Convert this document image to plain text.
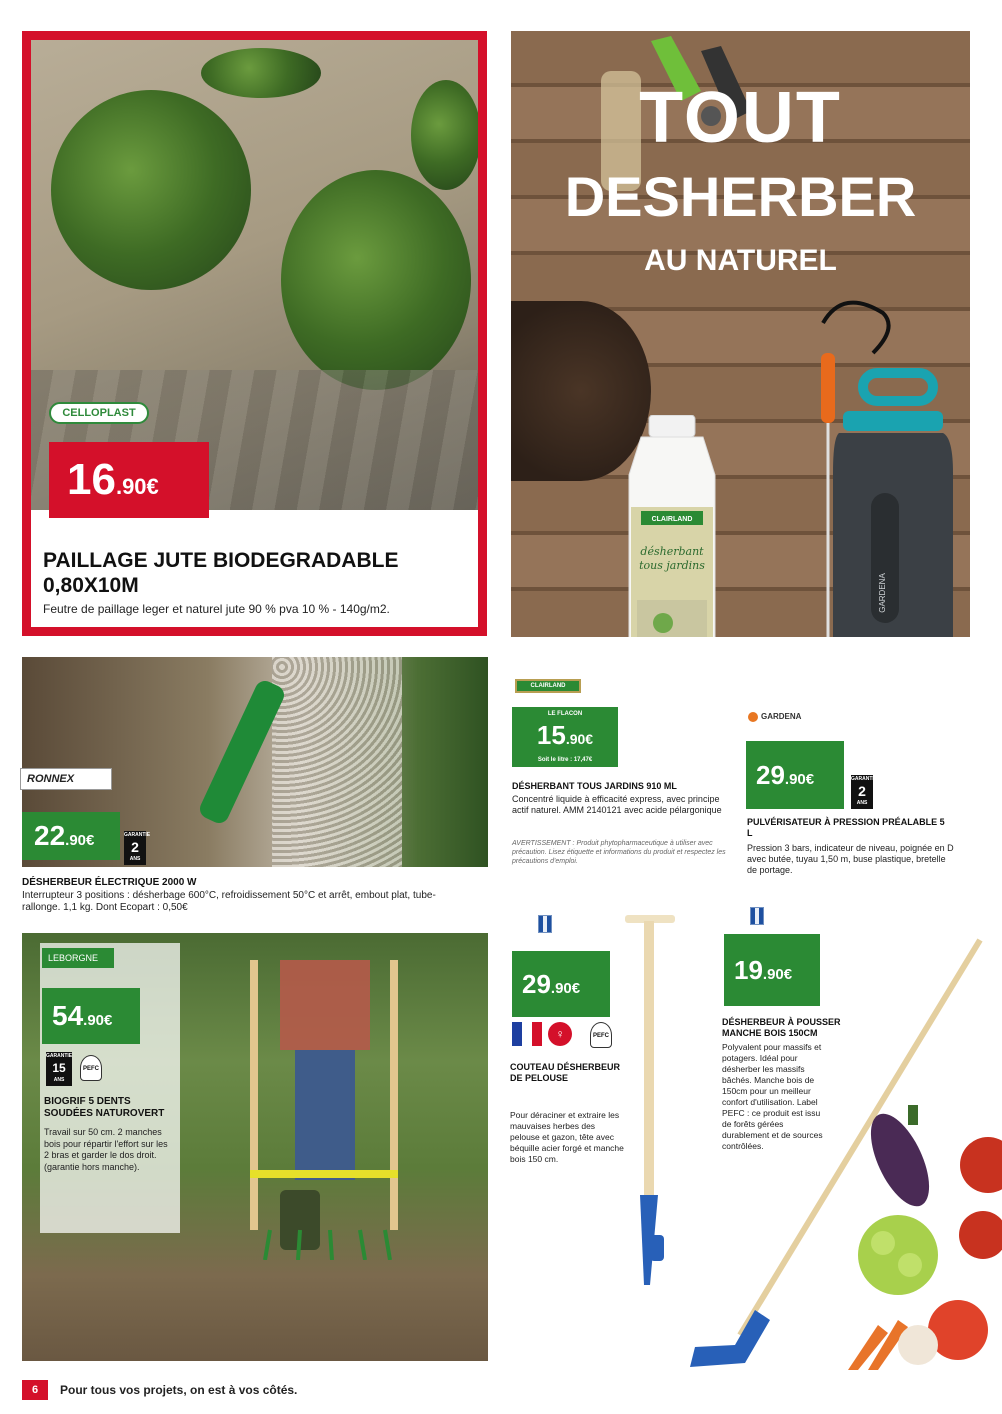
CELLOPLAST
16.90€
PAILLAGE JUTE BIODEGRADABLE
0,80X10M
Feutre de paillage leger et naturel jute 90 % pva 10 % - 140g/m2.
TOUT
DESHERBER
AU NATUREL
CLAIRLAND
désherbant
tous jardins
GARDENA
RONNEX
22.90€	GARANTIE
2
ANS
DÉSHERBEUR ÉLECTRIQUE 2000 W
Interrupteur 3 positions : désherbage 600°C, refroidissement 50°C et arrêt, embout plat, tube-rallonge. 1,1 kg. Dont Ecopart : 0,50€
LEBORGNE
54.90€
GARANTIE
15
ANS
PEFC
BIOGRIF 5 DENTS SOUDÉES NATUROVERT
Travail sur 50 cm. 2 manches bois pour répartir l'effort sur les 2 bras et garder le dos droit. (garantie hors manche).
CLAIRLAND
LE FLACON
15.90€
Soit le litre : 17,47€
DÉSHERBANT TOUS JARDINS 910 ML
Concentré liquide à efficacité express, avec principe actif naturel. AMM 2140121 avec acide pélargonique
AVERTISSEMENT : Produit phytopharmaceutique à utiliser avec précaution. Lisez étiquette et informations du produit et respectez les précautions d'emploi.
GARDENA
29.90€	GARANTIE
2
ANS
PULVÉRISATEUR À PRESSION PRÉALABLE 5 L
Pression 3 bars, indicateur de niveau, poignée en D avec butée, tuyau 1,50 m, buse plastique, bretelle de portage.
29.90€
♀	PEFC
COUTEAU DÉSHERBEUR DE PELOUSE
Pour déraciner et extraire les mauvaises herbes des pelouse et gazon, tête avec béquille acier forgé et manche bois 150 cm.
19.90€
DÉSHERBEUR À POUSSER MANCHE BOIS 150CM
Polyvalent pour massifs et potagers. Idéal pour désherber les massifs bâchés. Manche bois de 150cm pour un meilleur confort d'utilisation. Label PEFC : ce produit est issu de forêts gérées durablement et de sources contrôlées.
6	Pour tous vos projets, on est à vos côtés.
